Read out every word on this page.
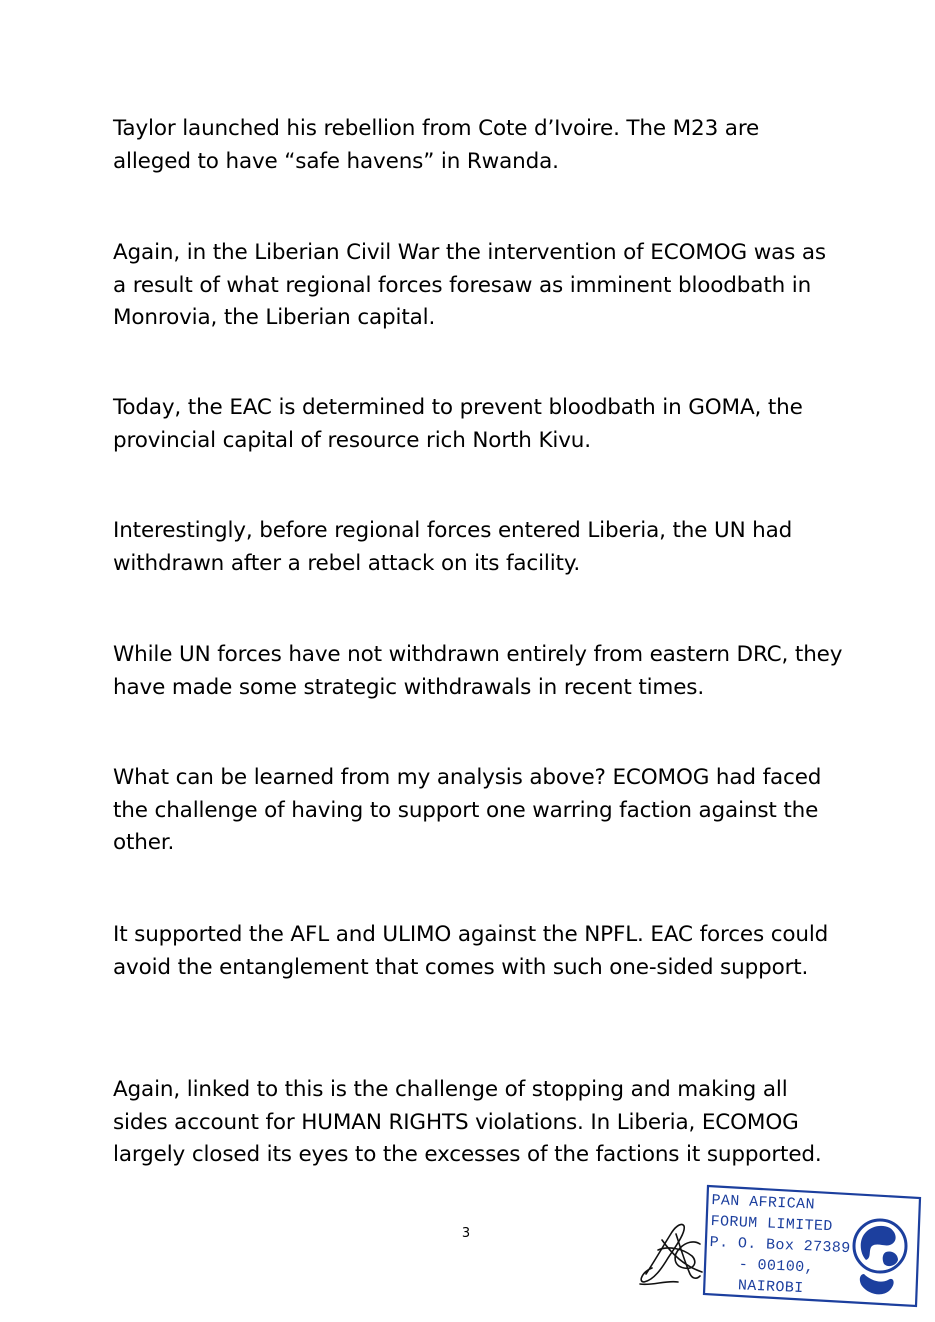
Taylor launched his rebellion from Cote d’Ivoire. The M23 are alleged to have “safe havens” in Rwanda.

Again, in the Liberian Civil War the intervention of ECOMOG was as a result of what regional forces foresaw as imminent bloodbath in Monrovia, the Liberian capital.

Today, the EAC is determined to prevent bloodbath in GOMA, the provincial capital of resource rich North Kivu.

Interestingly, before regional forces entered Liberia, the UN had withdrawn after a rebel attack on its facility.

While UN forces have not withdrawn entirely from eastern DRC, they have made some strategic withdrawals in recent times.

What can be learned from my analysis above? ECOMOG had faced the challenge of having to support one warring faction against the other.

It supported the AFL and ULIMO against the NPFL. EAC forces could avoid the entanglement that comes with such one-sided support.

Again, linked to this is the challenge of stopping and making all sides account for HUMAN RIGHTS violations. In Liberia, ECOMOG largely closed its eyes to the excesses of the factions it supported.

3
PAN AFRICAN
FORUM LIMITED
P. O. Box 27389
- 00100,
NAIROBI
